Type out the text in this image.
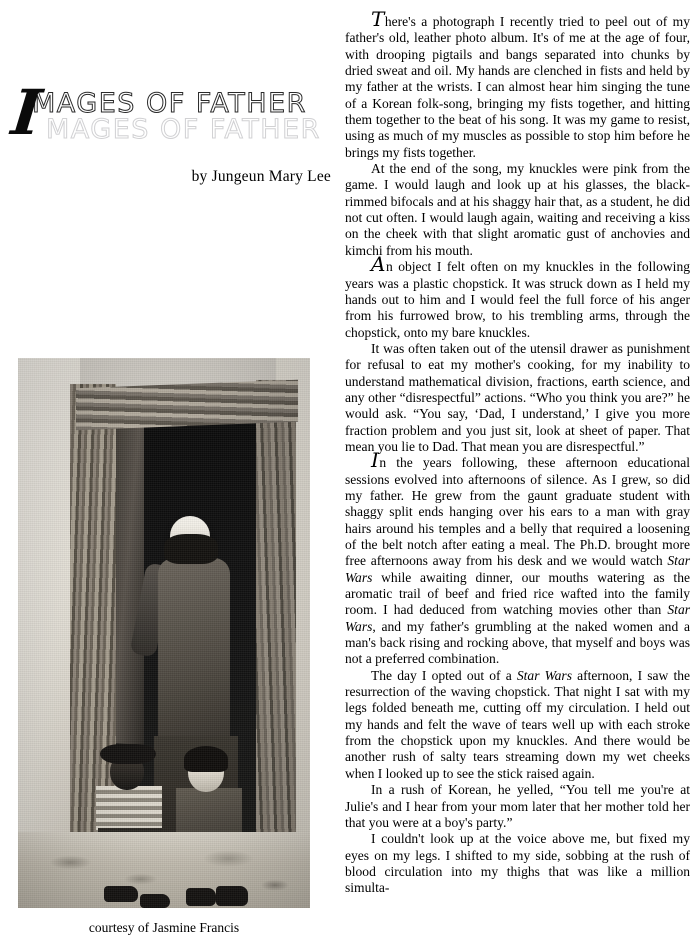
MAGES OF FATHER
IMAGES OF FATHER
by Jungeun Mary Lee
courtesy of Jasmine Francis

There's a photograph I recently tried to peel out of my father's old, leather photo album. It's of me at the age of four, with drooping pigtails and bangs separated into chunks by dried sweat and oil. My hands are clenched in fists and held by my father at the wrists. I can almost hear him singing the tune of a Korean folk-song, bringing my fists together, and hitting them together to the beat of his song. It was my game to resist, using as much of my muscles as possible to stop him before he brings my fists together.

At the end of the song, my knuckles were pink from the game. I would laugh and look up at his glasses, the black-rimmed bifocals and at his shaggy hair that, as a student, he did not cut often. I would laugh again, waiting and receiving a kiss on the cheek with that slight aromatic gust of anchovies and kimchi from his mouth.

An object I felt often on my knuckles in the following years was a plastic chopstick. It was struck down as I held my hands out to him and I would feel the full force of his anger from his furrowed brow, to his trembling arms, through the chopstick, onto my bare knuckles.

It was often taken out of the utensil drawer as punishment for refusal to eat my mother's cooking, for my inability to understand mathematical division, fractions, earth science, and any other “disrespectful” actions. “Who you think you are?” he would ask. “You say, ‘Dad, I understand,’ I give you more fraction problem and you just sit, look at sheet of paper. That mean you lie to Dad. That mean you are disrespectful.”

In the years following, these afternoon educational sessions evolved into afternoons of silence. As I grew, so did my father. He grew from the gaunt graduate student with shaggy split ends hanging over his ears to a man with gray hairs around his temples and a belly that required a loosening of the belt notch after eating a meal. The Ph.D. brought more free afternoons away from his desk and we would watch Star Wars while awaiting dinner, our mouths watering as the aromatic trail of beef and fried rice wafted into the family room. I had deduced from watching movies other than Star Wars, and my father's grumbling at the naked women and a man's back rising and rocking above, that myself and boys was not a preferred combination.

The day I opted out of a Star Wars afternoon, I saw the resurrection of the waving chopstick. That night I sat with my legs folded beneath me, cutting off my circulation. I held out my hands and felt the wave of tears well up with each stroke from the chopstick upon my knuckles. And there would be another rush of salty tears streaming down my wet cheeks when I looked up to see the stick raised again.

In a rush of Korean, he yelled, “You tell me you're at Julie's and I hear from your mom later that her mother told her that you were at a boy's party.”

I couldn't look up at the voice above me, but fixed my eyes on my legs. I shifted to my side, sobbing at the rush of blood circulation into my thighs that was like a million simulta-
